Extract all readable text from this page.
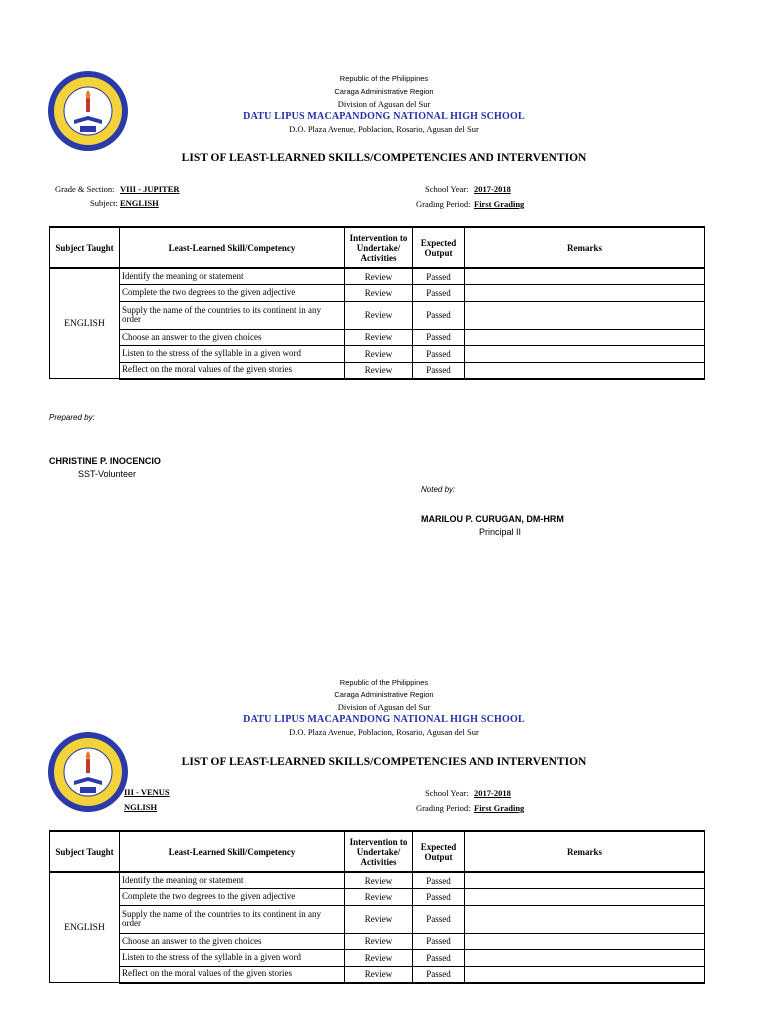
Republic of the Philippines
Caraga Administrative Region
Division of Agusan del Sur
DATU LIPUS MACAPANDONG NATIONAL HIGH SCHOOL
D.O. Plaza Avenue, Poblacion, Rosario, Agusan del Sur
LIST OF LEAST-LEARNED SKILLS/COMPETENCIES AND INTERVENTION
Grade & Section: VIII - JUPITER
Subject: ENGLISH
School Year: 2017-2018
Grading Period: First Grading
Subject Taught	Least-Learned Skill/Competency	Intervention to Undertake/ Activities	Expected Output	Remarks
ENGLISH	Identify the meaning or statement	Review	Passed	
	Complete the two degrees to the given adjective	Review	Passed	
	Supply the name of the countries to its continent in any order	Review	Passed	
	Choose an answer to the given choices	Review	Passed	
	Listen to the stress of the syllable in a given word	Review	Passed	
	Reflect on the moral values of the given stories	Review	Passed	
Prepared by:
CHRISTINE P. INOCENCIO
SST-Volunteer
Noted by:
MARILOU P. CURUGAN, DM-HRM
Principal II
Republic of the Philippines
Caraga Administrative Region
Division of Agusan del Sur
DATU LIPUS MACAPANDONG NATIONAL HIGH SCHOOL
D.O. Plaza Avenue, Poblacion, Rosario, Agusan del Sur
LIST OF LEAST-LEARNED SKILLS/COMPETENCIES AND INTERVENTION
III - VENUS
NGLISH
School Year: 2017-2018
Grading Period: First Grading
Subject Taught	Least-Learned Skill/Competency	Intervention to Undertake/ Activities	Expected Output	Remarks
ENGLISH	Identify the meaning or statement	Review	Passed	
	Complete the two degrees to the given adjective	Review	Passed	
	Supply the name of the countries to its continent in any order	Review	Passed	
	Choose an answer to the given choices	Review	Passed	
	Listen to the stress of the syllable in a given word	Review	Passed	
	Reflect on the moral values of the given stories	Review	Passed	
